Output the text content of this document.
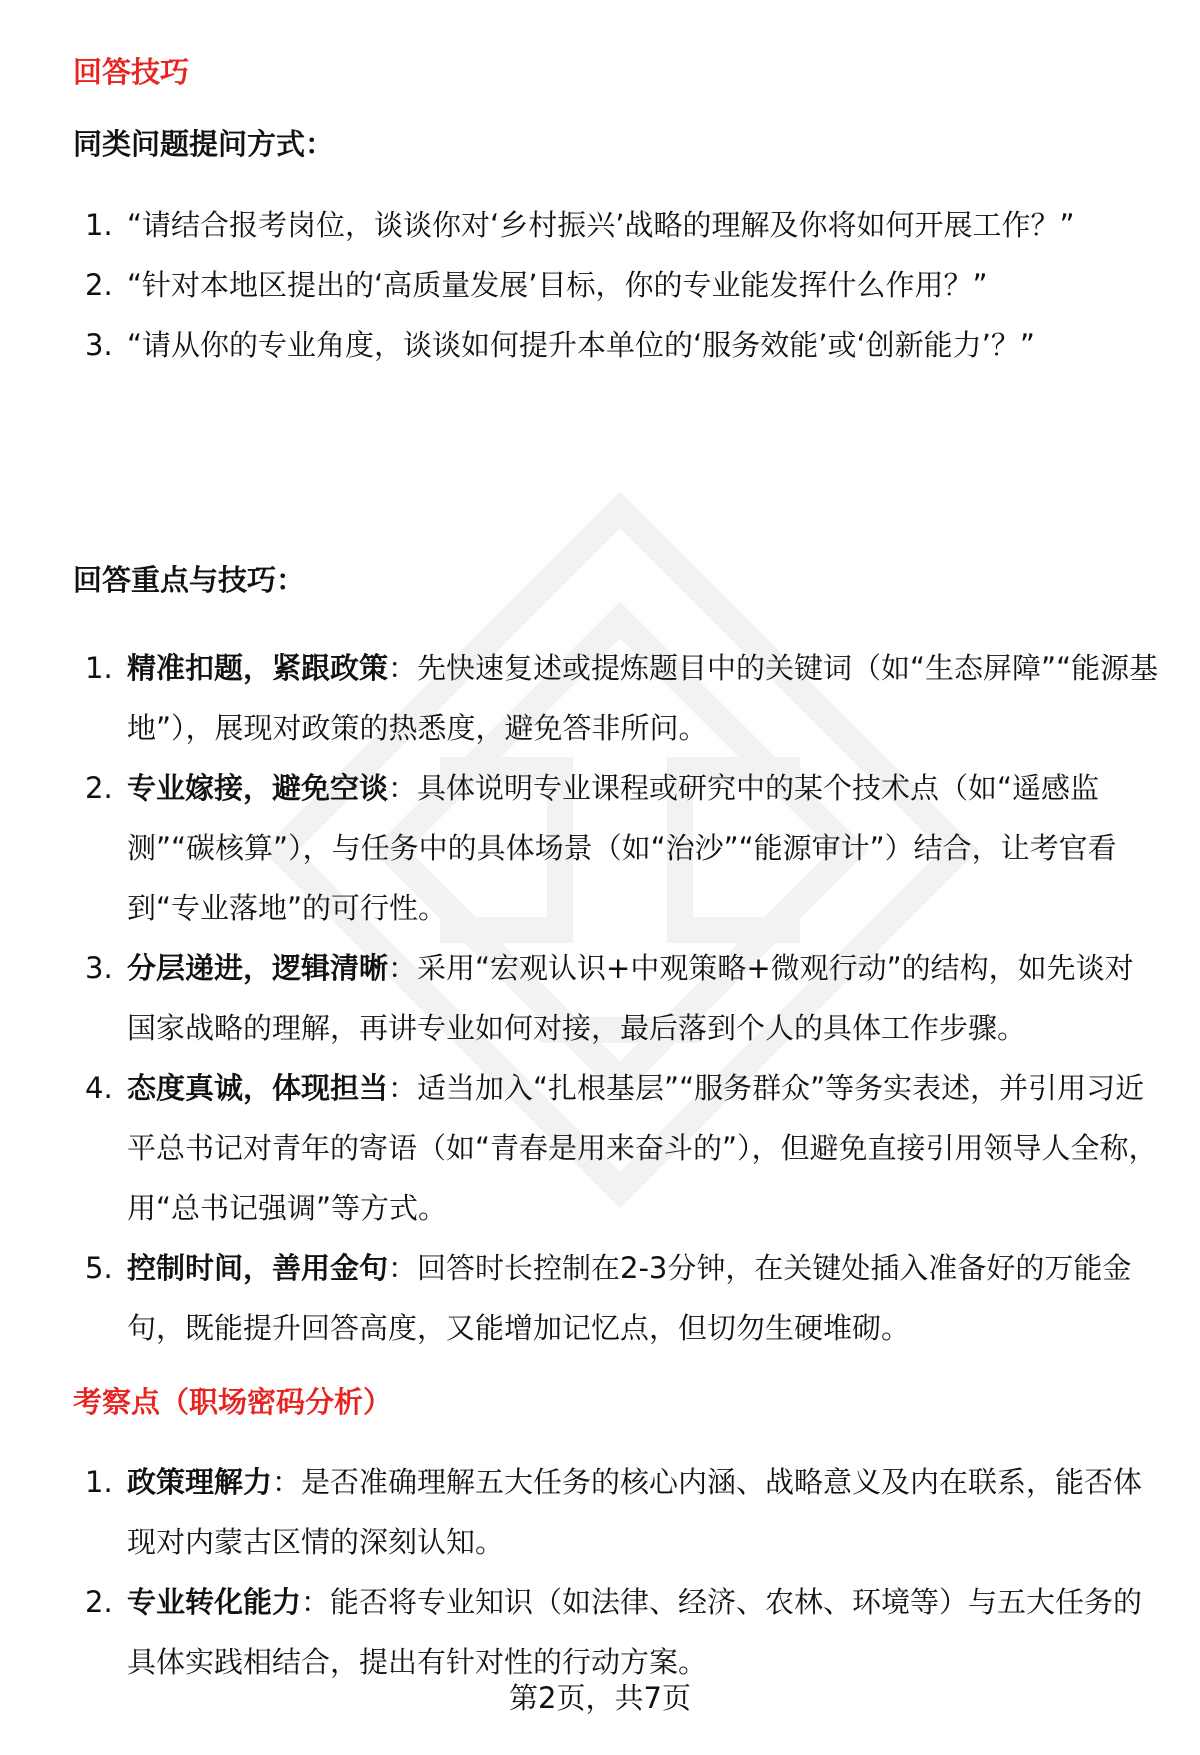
回答技巧
同类问题提问方式：
1. “请结合报考岗位，谈谈你对‘乡村振兴’战略的理解及你将如何开展工作？”
2. “针对本地区提出的‘高质量发展’目标，你的专业能发挥什么作用？”
3. “请从你的专业角度，谈谈如何提升本单位的‘服务效能’或‘创新能力’？”
回答重点与技巧：
1. 精准扣题，紧跟政策：先快速复述或提炼题目中的关键词（如“生态屏障”“能源基地”），展现对政策的热悉度，避免答非所问。
2. 专业嫁接，避免空谈：具体说明专业课程或研究中的某个技术点（如“遥感监测”“碳核算”），与任务中的具体场景（如“治沙”“能源审计”）结合，让考官看到“专业落地”的可行性。
3. 分层递进，逻辑清晰：采用“宏观认识+中观策略+微观行动”的结构，如先谈对国家战略的理解，再讲专业如何对接，最后落到个人的具体工作步骤。
4. 态度真诚，体现担当：适当加入“扎根基层”“服务群众”等务实表述，并引用习近平总书记对青年的寄语（如“青春是用来奋斗的”），但避免直接引用领导人全称，用“总书记强调”等方式。
5. 控制时间，善用金句：回答时长控制在2-3分钟，在关键处插入准备好的万能金句，既能提升回答高度，又能增加记忆点，但切勿生硬堆砌。
考察点（职场密码分析）
1. 政策理解力：是否准确理解五大任务的核心内涵、战略意义及内在联系，能否体现对内蒙古区情的深刻认知。
2. 专业转化能力：能否将专业知识（如法律、经济、农林、环境等）与五大任务的具体实践相结合，提出有针对性的行动方案。
第2页，共7页
